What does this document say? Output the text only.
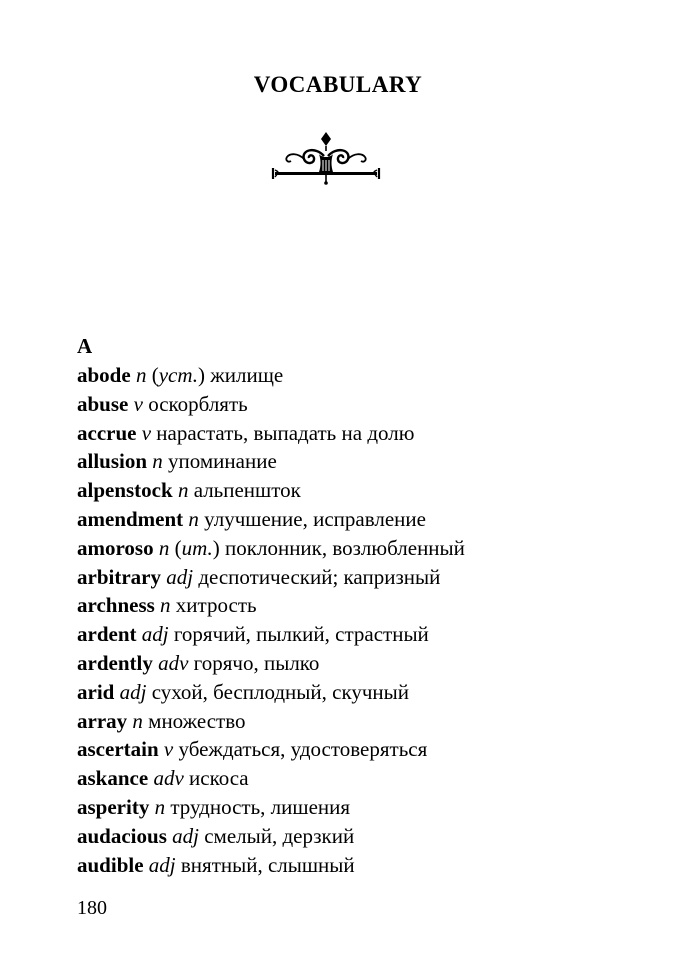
VOCABULARY
A
abode n (уст.) жилище
abuse v оскорблять
accrue v нарастать, выпадать на долю
allusion n упоминание
alpenstock n альпеншток
amendment n улучшение, исправление
amoroso n (ит.) поклонник, возлюбленный
arbitrary adj деспотический; капризный
archness n хитрость
ardent adj горячий, пылкий, страстный
ardently adv горячо, пылко
arid adj сухой, бесплодный, скучный
array n множество
ascertain v убеждаться, удостоверяться
askance adv искоса
asperity n трудность, лишения
audacious adj смелый, дерзкий
audible adj внятный, слышный
180
